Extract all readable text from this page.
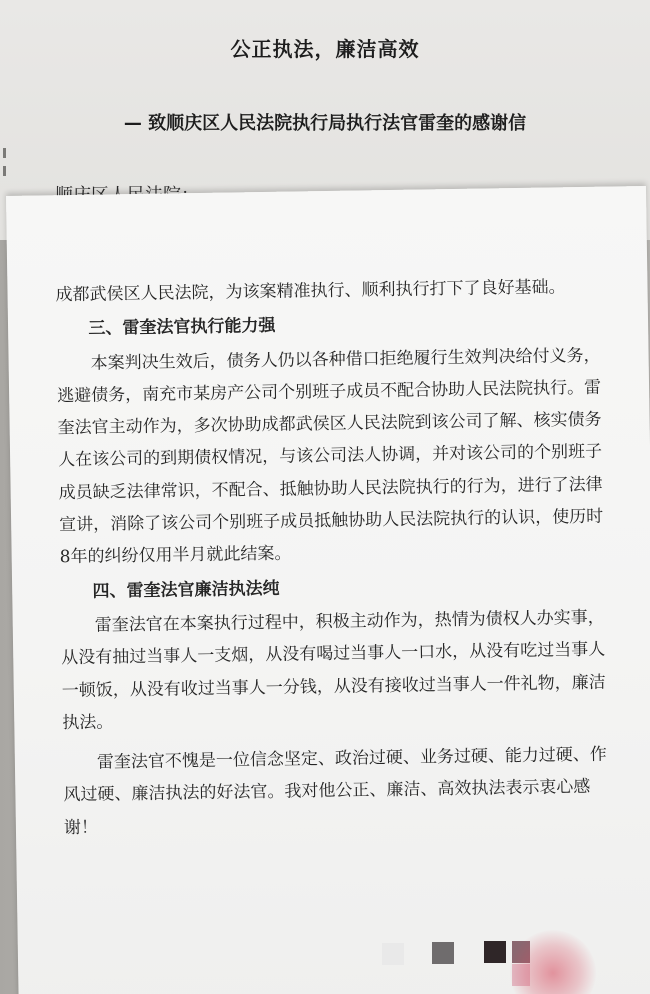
公正执法，廉洁高效
— 致顺庆区人民法院执行局执行法官雷奎的感谢信

成都武侯区人民法院，为该案精准执行、顺利执行打下了良好基础。

三、雷奎法官执行能力强

本案判决生效后，债务人仍以各种借口拒绝履行生效判决给付义务，逃避债务，南充市某房产公司个别班子成员不配合协助人民法院执行。雷奎法官主动作为，多次协助成都武侯区人民法院到该公司了解、核实债务人在该公司的到期债权情况，与该公司法人协调，并对该公司的个别班子成员缺乏法律常识，不配合、抵触协助人民法院执行的行为，进行了法律宣讲，消除了该公司个别班子成员抵触协助人民法院执行的认识，使历时8年的纠纷仅用半月就此结案。

四、雷奎法官廉洁执法纯

雷奎法官在本案执行过程中，积极主动作为，热情为债权人办实事，从没有抽过当事人一支烟，从没有喝过当事人一口水，从没有吃过当事人一顿饭，从没有收过当事人一分钱，从没有接收过当事人一件礼物，廉洁执法。

雷奎法官不愧是一位信念坚定、政治过硬、业务过硬、能力过硬、作风过硬、廉洁执法的好法官。我对他公正、廉洁、高效执法表示衷心感谢！
